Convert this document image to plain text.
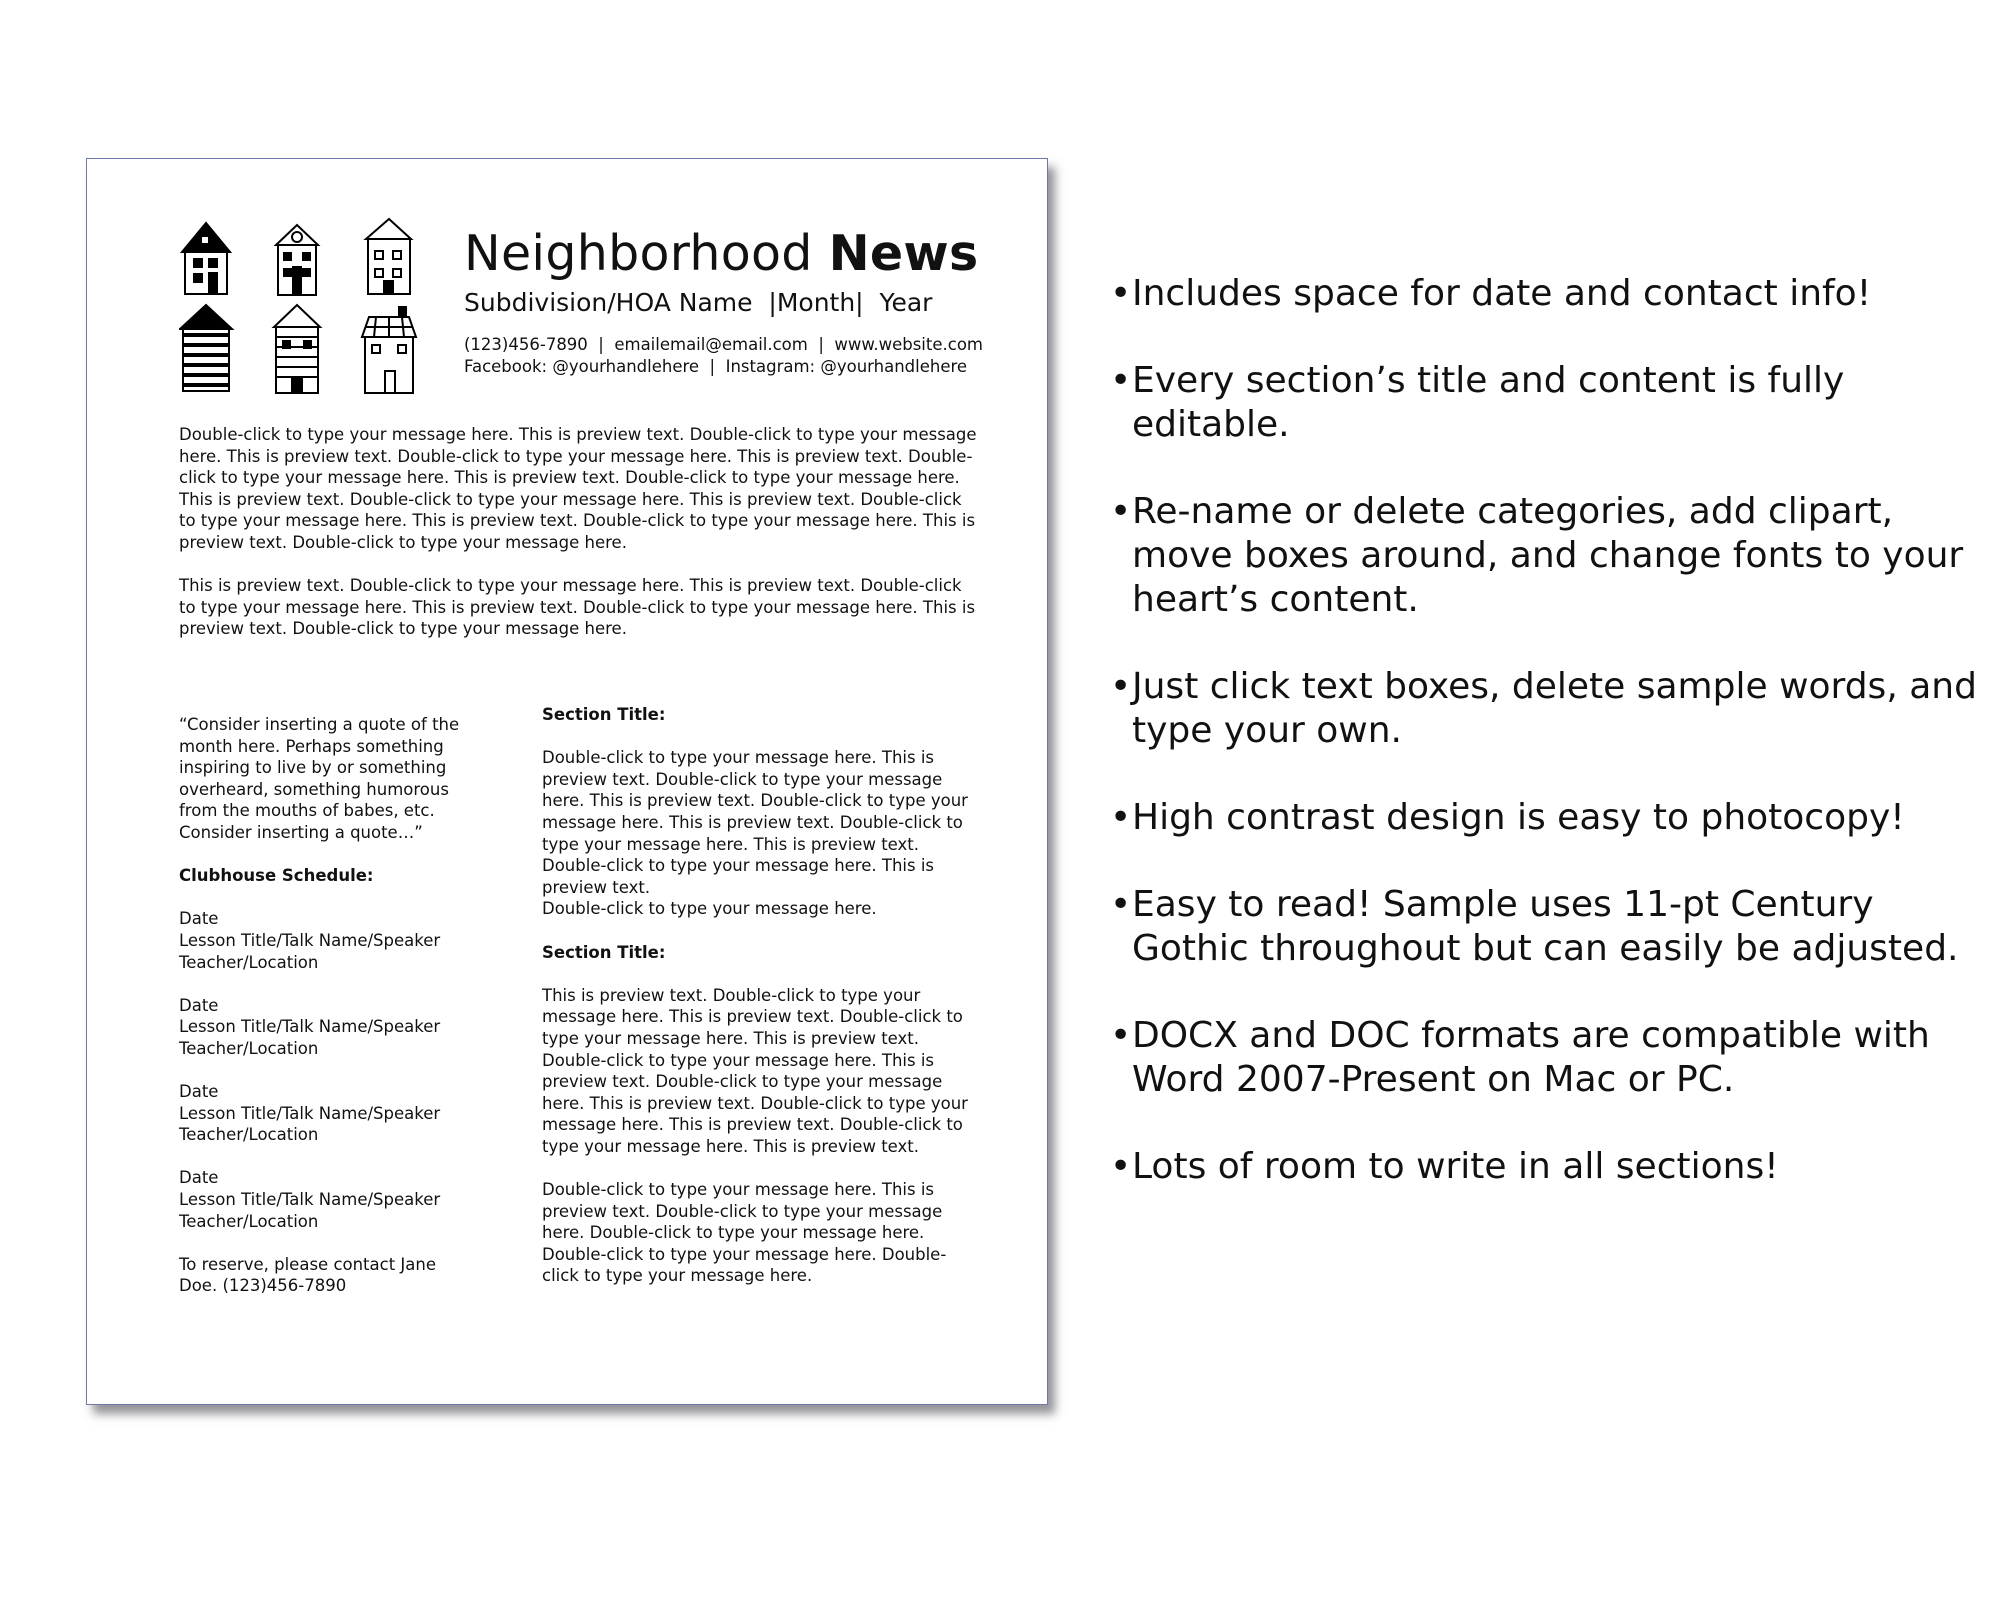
Neighborhood News
Subdivision/HOA Name  |Month|  Year
(123)456-7890  |  emailemail@email.com  |  www.website.com
Facebook: @yourhandlehere  |  Instagram: @yourhandlehere

Double-click to type your message here. This is preview text. Double-click to type your message here. This is preview text. Double-click to type your message here. This is preview text. Double-click to type your message here. This is preview text. Double-click to type your message here. This is preview text. Double-click to type your message here. This is preview text. Double-click to type your message here. This is preview text. Double-click to type your message here. This is preview text. Double-click to type your message here.

This is preview text. Double-click to type your message here. This is preview text. Double-click to type your message here. This is preview text. Double-click to type your message here. This is preview text. Double-click to type your message here.

“Consider inserting a quote of the month here. Perhaps something inspiring to live by or something overheard, something humorous from the mouths of babes, etc. Consider inserting a quote…”

Clubhouse Schedule:

Date
Lesson Title/Talk Name/Speaker
Teacher/Location

Date
Lesson Title/Talk Name/Speaker
Teacher/Location

Date
Lesson Title/Talk Name/Speaker
Teacher/Location

Date
Lesson Title/Talk Name/Speaker
Teacher/Location

To reserve, please contact Jane Doe. (123)456-7890

Section Title:

Double-click to type your message here. This is preview text. Double-click to type your message here. This is preview text. Double-click to type your message here. This is preview text. Double-click to type your message here. This is preview text. Double-click to type your message here. This is preview text.

Double-click to type your message here.

Section Title:

This is preview text. Double-click to type your message here. This is preview text. Double-click to type your message here. This is preview text. Double-click to type your message here. This is preview text. Double-click to type your message here. This is preview text. Double-click to type your message here. This is preview text. Double-click to type your message here. This is preview text.

Double-click to type your message here. This is preview text. Double-click to type your message here. Double-click to type your message here. Double-click to type your message here. Double-click to type your message here.

• Includes space for date and contact info!
• Every section’s title and content is fully editable.
• Re-name or delete categories, add clipart, move boxes around, and change fonts to your heart’s content.
• Just click text boxes, delete sample words, and type your own.
• High contrast design is easy to photocopy!
• Easy to read! Sample uses 11-pt Century Gothic throughout but can easily be adjusted.
• DOCX and DOC formats are compatible with Word 2007-Present on Mac or PC.
• Lots of room to write in all sections!
